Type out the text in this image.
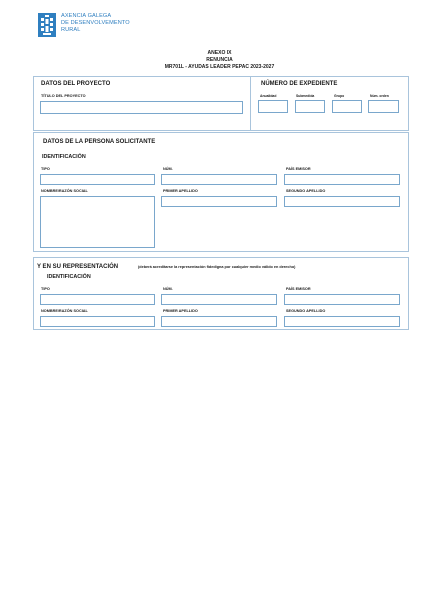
AXENCIA GALEGA
DE DESENVOLVEMENTO
RURAL
ANEXO IX
RENUNCIA
MR701L - AYUDAS LEADER PEPAC 2023-2027
DATOS DEL PROYECTO
TÍTULO DEL PROYECTO
NÚMERO DE EXPEDIENTE
Anualidad	Submedida	Grupo	Núm. orden
DATOS DE LA PERSONA SOLICITANTE
IDENTIFICACIÓN
TIPO	NÚM.	PAÍS EMISOR
NOMBRE/RAZÓN SOCIAL	PRIMER APELLIDO	SEGUNDO APELLIDO
Y EN SU REPRESENTACIÓN	(deberá acreditarse la representación fidedigna por cualquier medio válido en derecho)
IDENTIFICACIÓN
TIPO	NÚM.	PAÍS EMISOR
NOMBRE/RAZÓN SOCIAL	PRIMER APELLIDO	SEGUNDO APELLIDO
